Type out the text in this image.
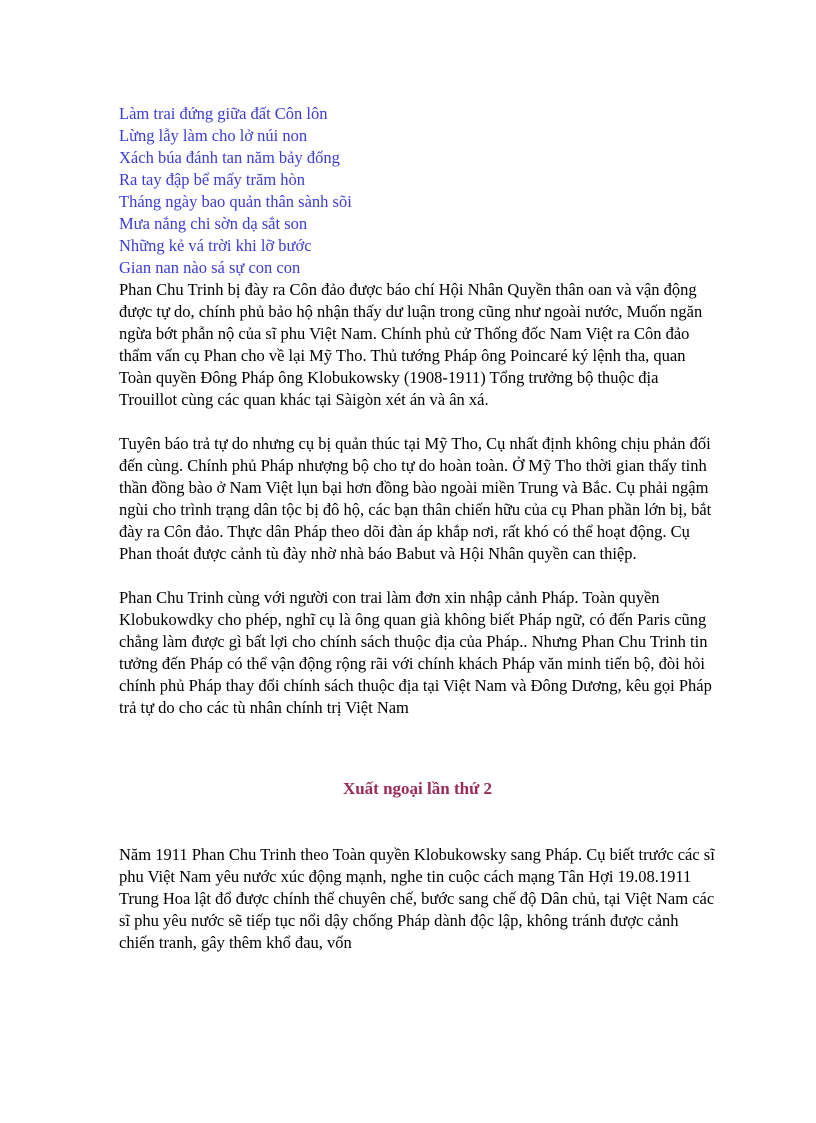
Làm trai đứng giữa đất Côn lôn
Lừng lẫy làm cho lở núi non
Xách búa đánh tan năm bảy đống
Ra tay đập bể mấy trăm hòn
Tháng ngày bao quản thân sành sõi
Mưa nắng chi sờn dạ sắt son
Những kẻ vá trời khi lỡ bước
Gian nan nào sá sự con con

Phan Chu Trinh bị đày ra Côn đảo được báo chí Hội Nhân Quyền thân oan và vận động được tự do, chính phủ bảo hộ nhận thấy dư luận trong cũng như ngoài nước, Muốn ngăn ngừa bớt phẫn nộ của sĩ phu Việt Nam. Chính phủ cử Thống đốc Nam Việt ra Côn đảo thẩm vấn cụ Phan cho về lại Mỹ Tho. Thủ tướng Pháp ông Poincaré ký lệnh tha, quan Toàn quyền Đông Pháp ông Klobukowsky (1908-1911) Tổng trưởng bộ thuộc địa Trouillot cùng các quan khác tại Sàigòn xét án và ân xá.

Tuyên báo trả tự do nhưng cụ bị quản thúc tại Mỹ Tho, Cụ nhất định không chịu phản đối đến cùng. Chính phủ Pháp nhượng bộ cho tự do hoàn toàn. Ở Mỹ Tho thời gian thấy tinh thần đồng bào ở Nam Việt lụn bại hơn đồng bào ngoài miền Trung và Bắc. Cụ phải ngậm ngùi cho trình trạng dân tộc bị đô hộ, các bạn thân chiến hữu của cụ Phan phần lớn bị, bắt đày ra Côn đảo. Thực dân Pháp theo dõi đàn áp khắp nơi, rất khó có thể hoạt động. Cụ Phan thoát được cảnh tù đày nhờ nhà báo Babut và Hội Nhân quyền can thiệp.

Phan Chu Trinh cùng với người con trai làm đơn xin nhập cảnh Pháp. Toàn quyền Klobukowdky cho phép, nghĩ cụ là ông quan già không biết Pháp ngữ, có đến Paris cũng chẳng làm được gì bất lợi cho chính sách thuộc địa của Pháp.. Nhưng Phan Chu Trinh tin tưởng đến Pháp có thể vận động rộng rãi với chính khách Pháp văn minh tiến bộ, đòi hỏi chính phủ Pháp thay đổi chính sách thuộc địa tại Việt Nam và Đông Dương, kêu gọi Pháp trả tự do cho các tù nhân chính trị Việt Nam

Xuất ngoại lần thứ 2

Năm 1911 Phan Chu Trinh theo Toàn quyền Klobukowsky sang Pháp. Cụ biết trước các sĩ phu Việt Nam yêu nước xúc động mạnh, nghe tin cuộc cách mạng Tân Hợi 19.08.1911 Trung Hoa lật đổ được chính thể chuyên chế, bước sang chế độ Dân chủ, tại Việt Nam các sĩ phu yêu nước sẽ tiếp tục nổi dậy chống Pháp dành độc lập, không tránh được cảnh chiến tranh, gây thêm khổ đau, vốn
